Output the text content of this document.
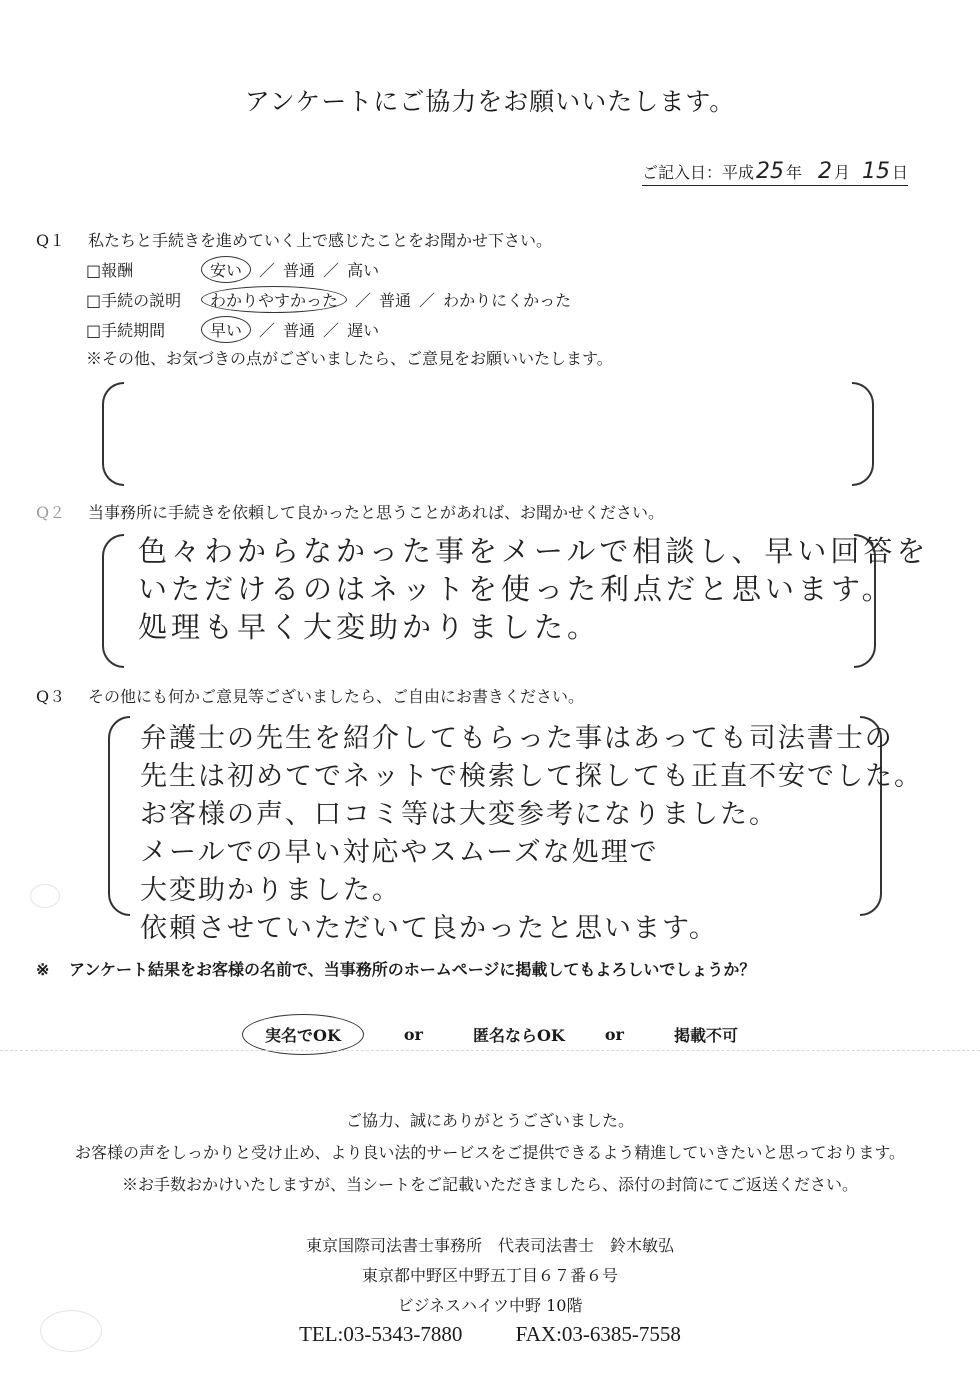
アンケートにご協力をお願いいたします。
ご記入日：平成 25 年 2 月 15 日
Q１ 私たちと手続きを進めていく上で感じたことをお聞かせ下さい。
□報酬	安い	／ 普通 ／ 高い
□手続の説明	わかりやすかった	／ 普通 ／ わかりにくかった
□手続期間	早い	／ 普通 ／ 遅い
※その他、お気づきの点がございましたら、ご意見をお願いいたします。
Q２ 当事務所に手続きを依頼して良かったと思うことがあれば、お聞かせください。
色々わからなかった事をメールで相談し、早い回答を
いただけるのはネットを使った利点だと思います。
処理も早く大変助かりました。
Q３ その他にも何かご意見等ございましたら、ご自由にお書きください。
弁護士の先生を紹介してもらった事はあっても司法書士の
先生は初めてでネットで検索して探しても正直不安でした。
お客様の声、口コミ等は大変参考になりました。
メールでの早い対応やスムーズな処理で
大変助かりました。
依頼させていただいて良かったと思います。
※ アンケート結果をお客様の名前で、当事務所のホームページに掲載してもよろしいでしょうか？
実名でOK	or	匿名ならOK	or	掲載不可
ご協力、誠にありがとうございました。
お客様の声をしっかりと受け止め、より良い法的サービスをご提供できるよう精進していきたいと思っております。
※お手数おかけいたしますが、当シートをご記載いただきましたら、添付の封筒にてご返送ください。
東京国際司法書士事務所　代表司法書士　鈴木敏弘
東京都中野区中野五丁目６７番６号
ビジネスハイツ中野 10階
TEL:03-5343-7880	FAX:03-6385-7558
